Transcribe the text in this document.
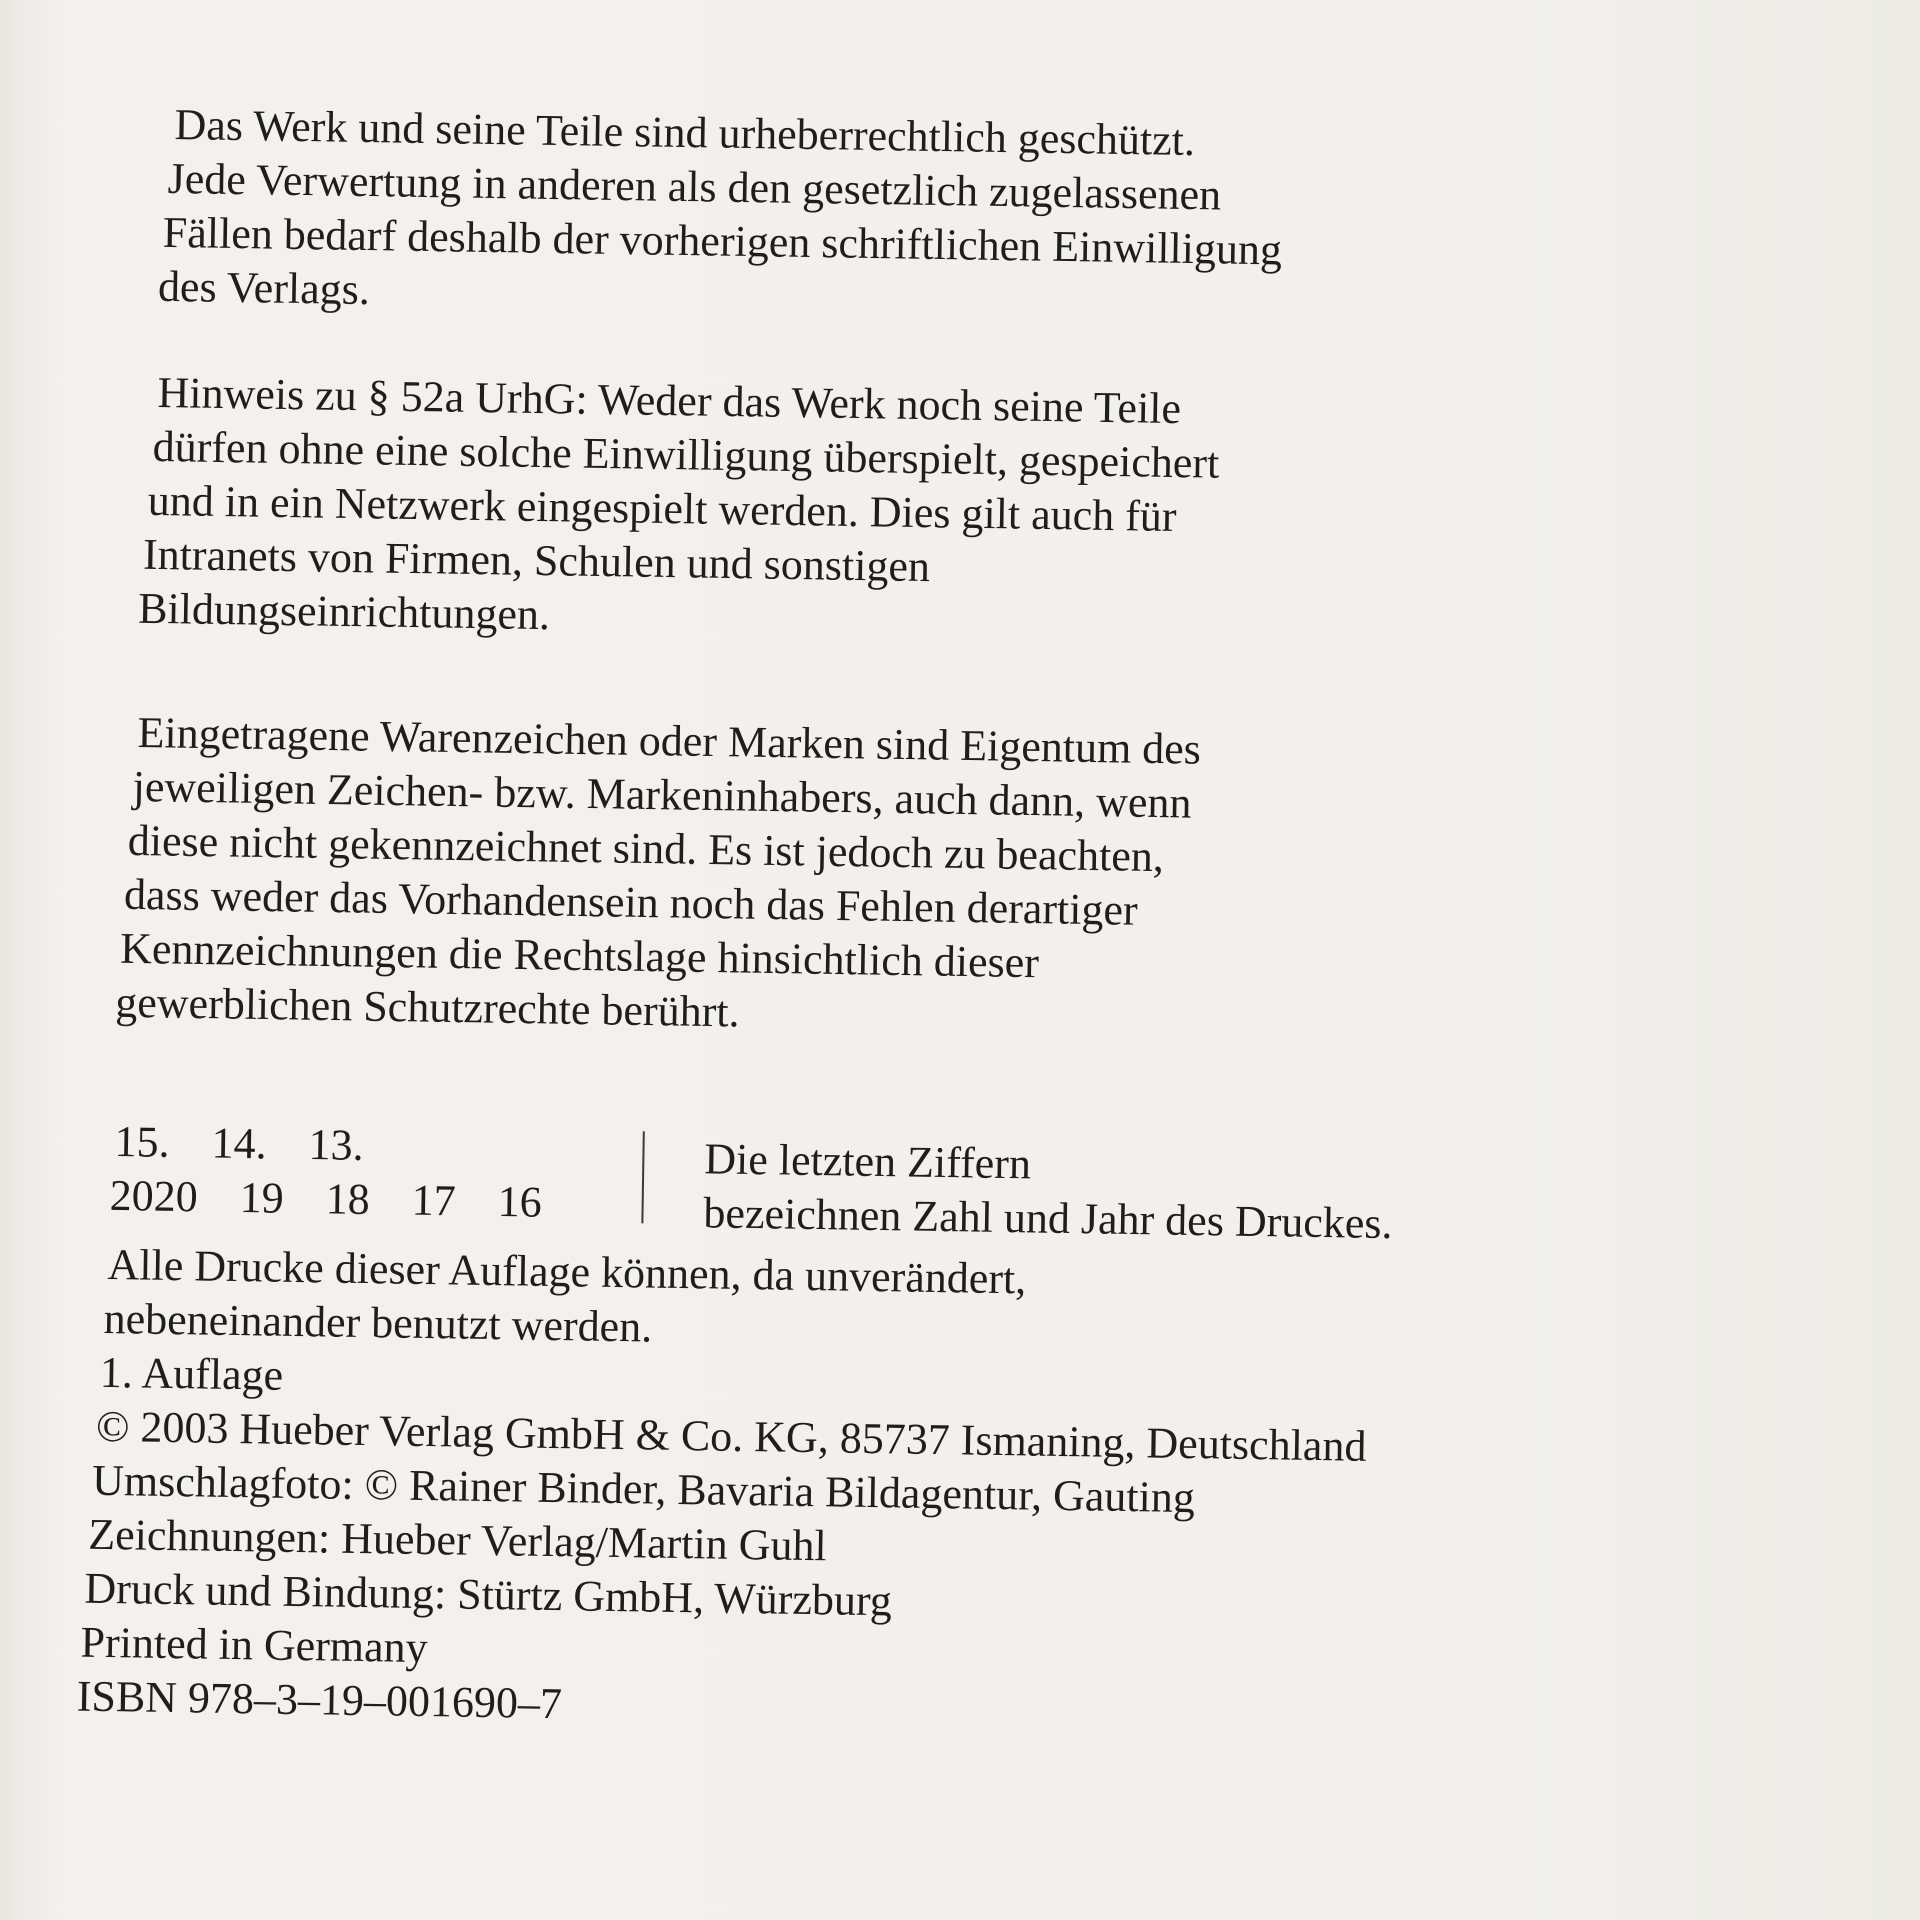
Das Werk und seine Teile sind urheberrechtlich geschützt.
Jede Verwertung in anderen als den gesetzlich zugelassenen
Fällen bedarf deshalb der vorherigen schriftlichen Einwilligung
des Verlags.
Hinweis zu § 52a UrhG: Weder das Werk noch seine Teile
dürfen ohne eine solche Einwilligung überspielt, gespeichert
und in ein Netzwerk eingespielt werden. Dies gilt auch für
Intranets von Firmen, Schulen und sonstigen
Bildungseinrichtungen.
Eingetragene Warenzeichen oder Marken sind Eigentum des
jeweiligen Zeichen- bzw. Markeninhabers, auch dann, wenn
diese nicht gekennzeichnet sind. Es ist jedoch zu beachten,
dass weder das Vorhandensein noch das Fehlen derartiger
Kennzeichnungen die Rechtslage hinsichtlich dieser
gewerblichen Schutzrechte berührt.
15. 14. 13.
2020 19 18 17 16
Die letzten Ziffern
bezeichnen Zahl und Jahr des Druckes.
Alle Drucke dieser Auflage können, da unverändert,
nebeneinander benutzt werden.
1. Auflage
© 2003 Hueber Verlag GmbH & Co. KG, 85737 Ismaning, Deutschland
Umschlagfoto: © Rainer Binder, Bavaria Bildagentur, Gauting
Zeichnungen: Hueber Verlag/Martin Guhl
Druck und Bindung: Stürtz GmbH, Würzburg
Printed in Germany
ISBN 978–3–19–001690–7
